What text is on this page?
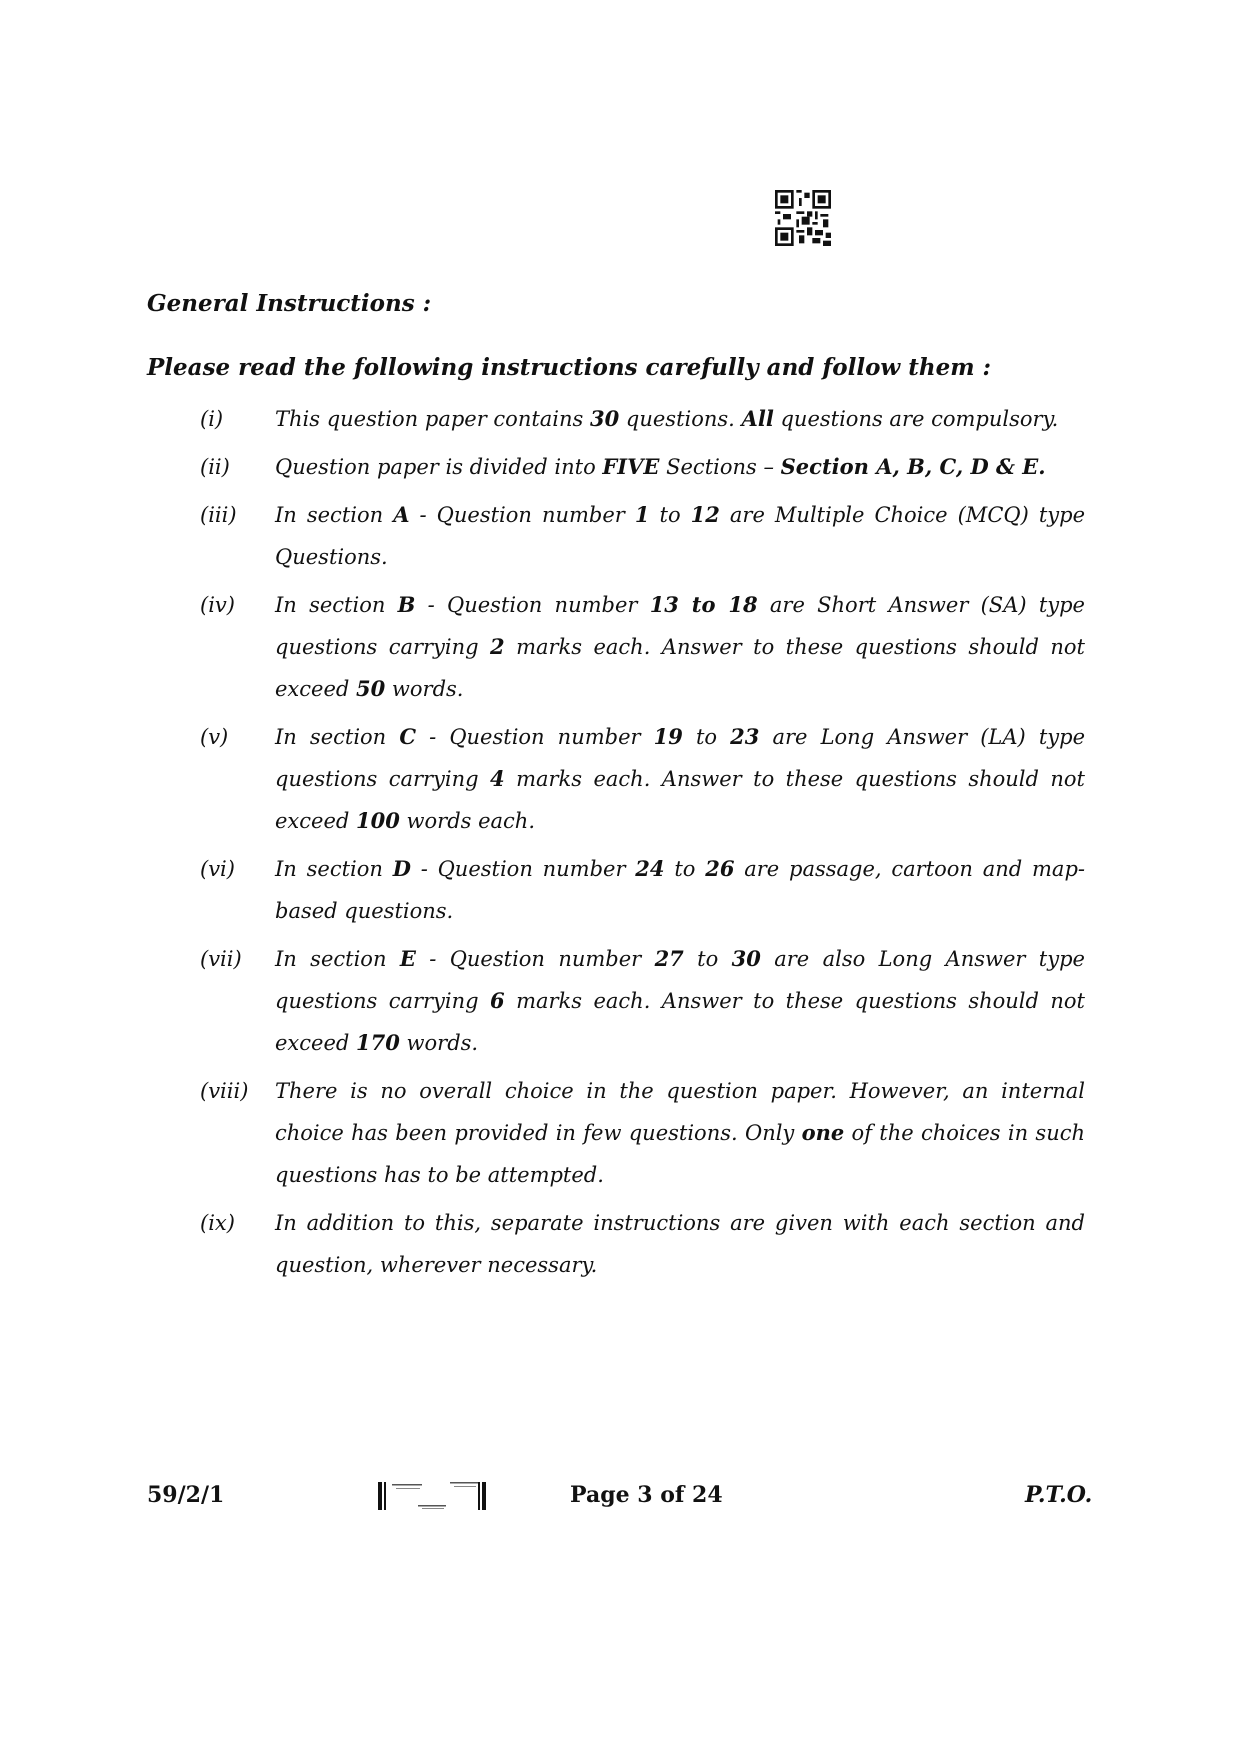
General Instructions :
Please read the following instructions carefully and follow them :
(i)	This question paper contains 30 questions. All questions are compulsory.
(ii)	Question paper is divided into FIVE Sections – Section A, B, C, D & E.
(iii)	In section A - Question number 1 to 12 are Multiple Choice (MCQ) type Questions.
(iv)	In section B - Question number 13 to 18 are Short Answer (SA) type questions carrying 2 marks each. Answer to these questions should not exceed 50 words.
(v)	In section C - Question number 19 to 23 are Long Answer (LA) type questions carrying 4 marks each. Answer to these questions should not exceed 100 words each.
(vi)	In section D - Question number 24 to 26 are passage, cartoon and map-based questions.
(vii)	In section E - Question number 27 to 30 are also Long Answer type questions carrying 6 marks each. Answer to these questions should not exceed 170 words.
(viii)	There is no overall choice in the question paper. However, an internal choice has been provided in few questions. Only one of the choices in such questions has to be attempted.
(ix)	In addition to this, separate instructions are given with each section and question, wherever necessary.
59/2/1	Page 3 of 24	P.T.O.
